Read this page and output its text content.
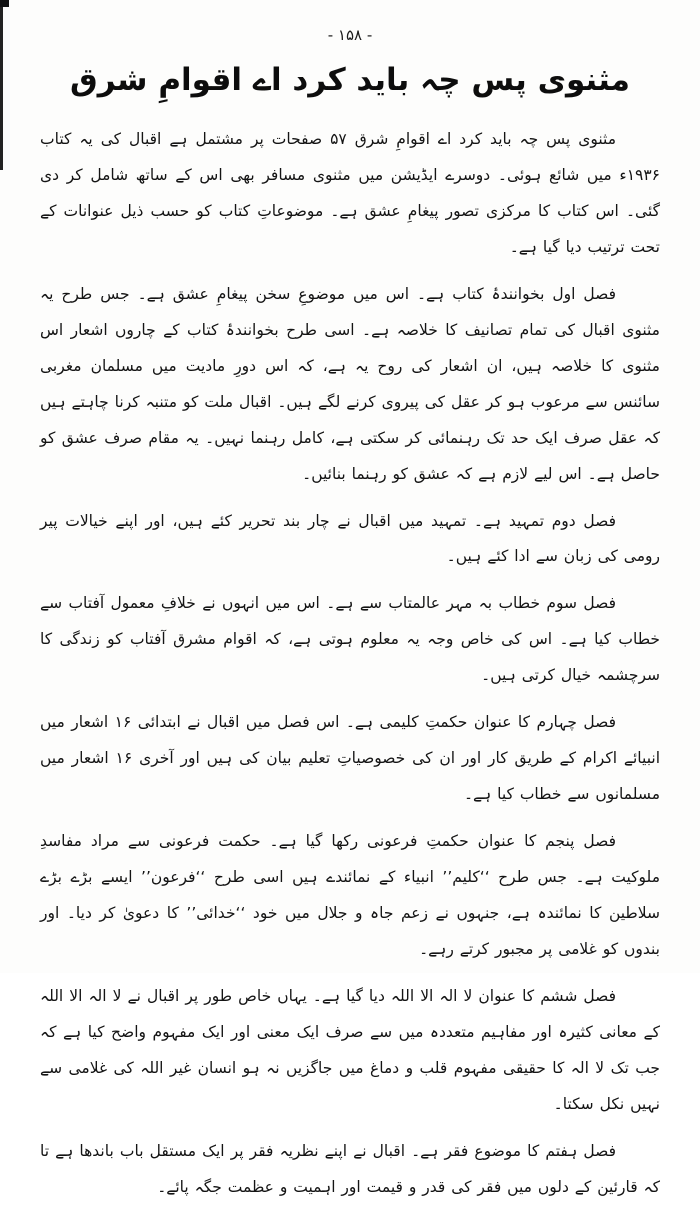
- ۱۵۸ -
مثنوی پس چہ باید کرد اے اقوامِ شرق

مثنوی پس چہ باید کرد اے اقوامِ شرق ۵۷ صفحات پر مشتمل ہے اقبال کی یہ کتاب ۱۹۳۶ء میں شائع ہوئی۔ دوسرے ایڈیشن میں مثنوی مسافر بھی اس کے ساتھ شامل کر دی گئی۔ اس کتاب کا مرکزی تصور پیغامِ عشق ہے۔ موضوعاتِ کتاب کو حسب ذیل عنوانات کے تحت ترتیب دیا گیا ہے۔

فصل اول بخوانندۂ کتاب ہے۔ اس میں موضوعِ سخن پیغامِ عشق ہے۔ جس طرح یہ مثنوی اقبال کی تمام تصانیف کا خلاصہ ہے۔ اسی طرح بخوانندۂ کتاب کے چاروں اشعار اس مثنوی کا خلاصہ ہیں، ان اشعار کی روح یہ ہے، کہ اس دورِ مادیت میں مسلمان مغربی سائنس سے مرعوب ہو کر عقل کی پیروی کرنے لگے ہیں۔ اقبال ملت کو متنبہ کرنا چاہتے ہیں کہ عقل صرف ایک حد تک رہنمائی کر سکتی ہے، کامل رہنما نہیں۔ یہ مقام صرف عشق کو حاصل ہے۔ اس لیے لازم ہے کہ عشق کو رہنما بنائیں۔

فصل دوم تمہید ہے۔ تمہید میں اقبال نے چار بند تحریر کئے ہیں، اور اپنے خیالات پیر رومی کی زبان سے ادا کئے ہیں۔

فصل سوم خطاب بہ مہر عالمتاب سے ہے۔ اس میں انہوں نے خلافِ معمول آفتاب سے خطاب کیا ہے۔ اس کی خاص وجہ یہ معلوم ہوتی ہے، کہ اقوام مشرق آفتاب کو زندگی کا سرچشمہ خیال کرتی ہیں۔

فصل چہارم کا عنوان حکمتِ کلیمی ہے۔ اس فصل میں اقبال نے ابتدائی ۱۶ اشعار میں انبیائے اکرام کے طریق کار اور ان کی خصوصیاتِ تعلیم بیان کی ہیں اور آخری ۱۶ اشعار میں مسلمانوں سے خطاب کیا ہے۔

فصل پنجم کا عنوان حکمتِ فرعونی رکھا گیا ہے۔ حکمت فرعونی سے مراد مفاسدِ ملوکیت ہے۔ جس طرح ‘‘کلیم’’ انبیاء کے نمائندے ہیں اسی طرح ‘‘فرعون’’ ایسے بڑے بڑے سلاطین کا نمائندہ ہے، جنہوں نے زعم جاہ و جلال میں خود ‘‘خدائی’’ کا دعویٰ کر دیا۔ اور بندوں کو غلامی پر مجبور کرتے رہے۔

فصل ششم کا عنوان لا الہ الا اللہ دیا گیا ہے۔ یہاں خاص طور پر اقبال نے لا الہ الا اللہ کے معانی کثیرہ اور مفاہیم متعددہ میں سے صرف ایک معنی اور ایک مفہوم واضح کیا ہے کہ جب تک لا الہ کا حقیقی مفہوم قلب و دماغ میں جاگزیں نہ ہو انسان غیر اللہ کی غلامی سے نہیں نکل سکتا۔

فصل ہفتم کا موضوع فقر ہے۔ اقبال نے اپنے نظریہ فقر پر ایک مستقل باب باندھا ہے تا کہ قارئین کے دلوں میں فقر کی قدر و قیمت اور اہمیت و عظمت جگہ پائے۔
